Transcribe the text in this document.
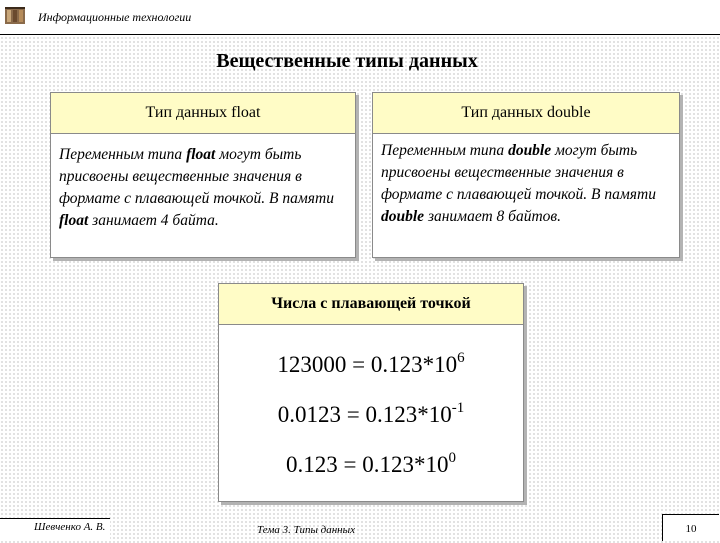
Информационные технологии
Вещественные типы данных
Тип данных float
Переменным типа float могут быть присвоены вещественные значения в формате с плавающей точкой. В памяти float занимает 4 байта.
Тип данных double
Переменным типа double могут быть присвоены вещественные значения в формате с плавающей точкой. В памяти double занимает 8 байтов.
Числа с плавающей точкой
$123000 = 0.123*10^6$
$0.0123 = 0.123*10^{-1}$
$0.123 = 0.123*10^0$
Шевченко А. В.	Тема 3. Типы данных	10
